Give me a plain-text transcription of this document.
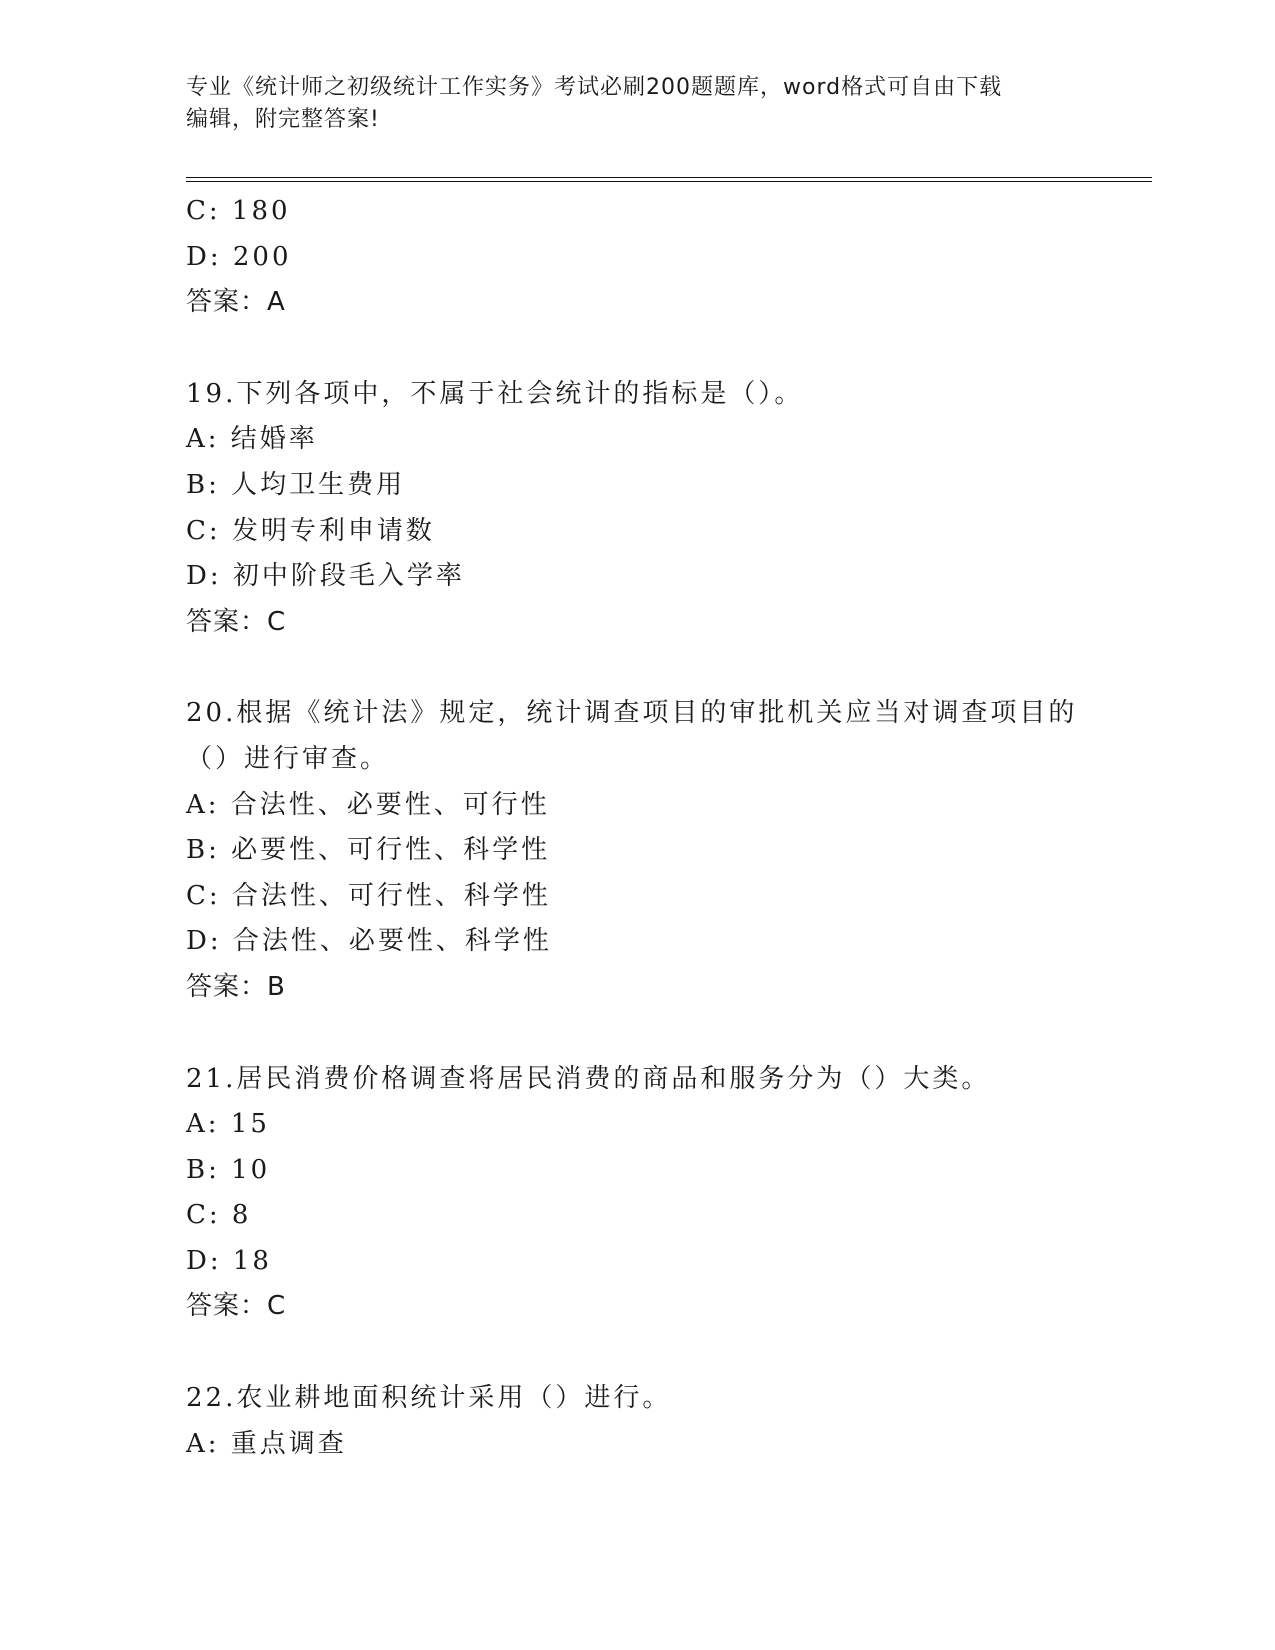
专业《统计师之初级统计工作实务》考试必刷200题题库，word格式可自由下载
编辑，附完整答案!
C: 180
D: 200
答案：A
19.下列各项中，不属于社会统计的指标是（）。
A: 结婚率
B: 人均卫生费用
C: 发明专利申请数
D: 初中阶段毛入学率
答案：C
20.根据《统计法》规定，统计调查项目的审批机关应当对调查项目的
（）进行审查。
A: 合法性、必要性、可行性
B: 必要性、可行性、科学性
C: 合法性、可行性、科学性
D: 合法性、必要性、科学性
答案：B
21.居民消费价格调查将居民消费的商品和服务分为（）大类。
A: 15
B: 10
C: 8
D: 18
答案：C
22.农业耕地面积统计采用（）进行。
A: 重点调查
